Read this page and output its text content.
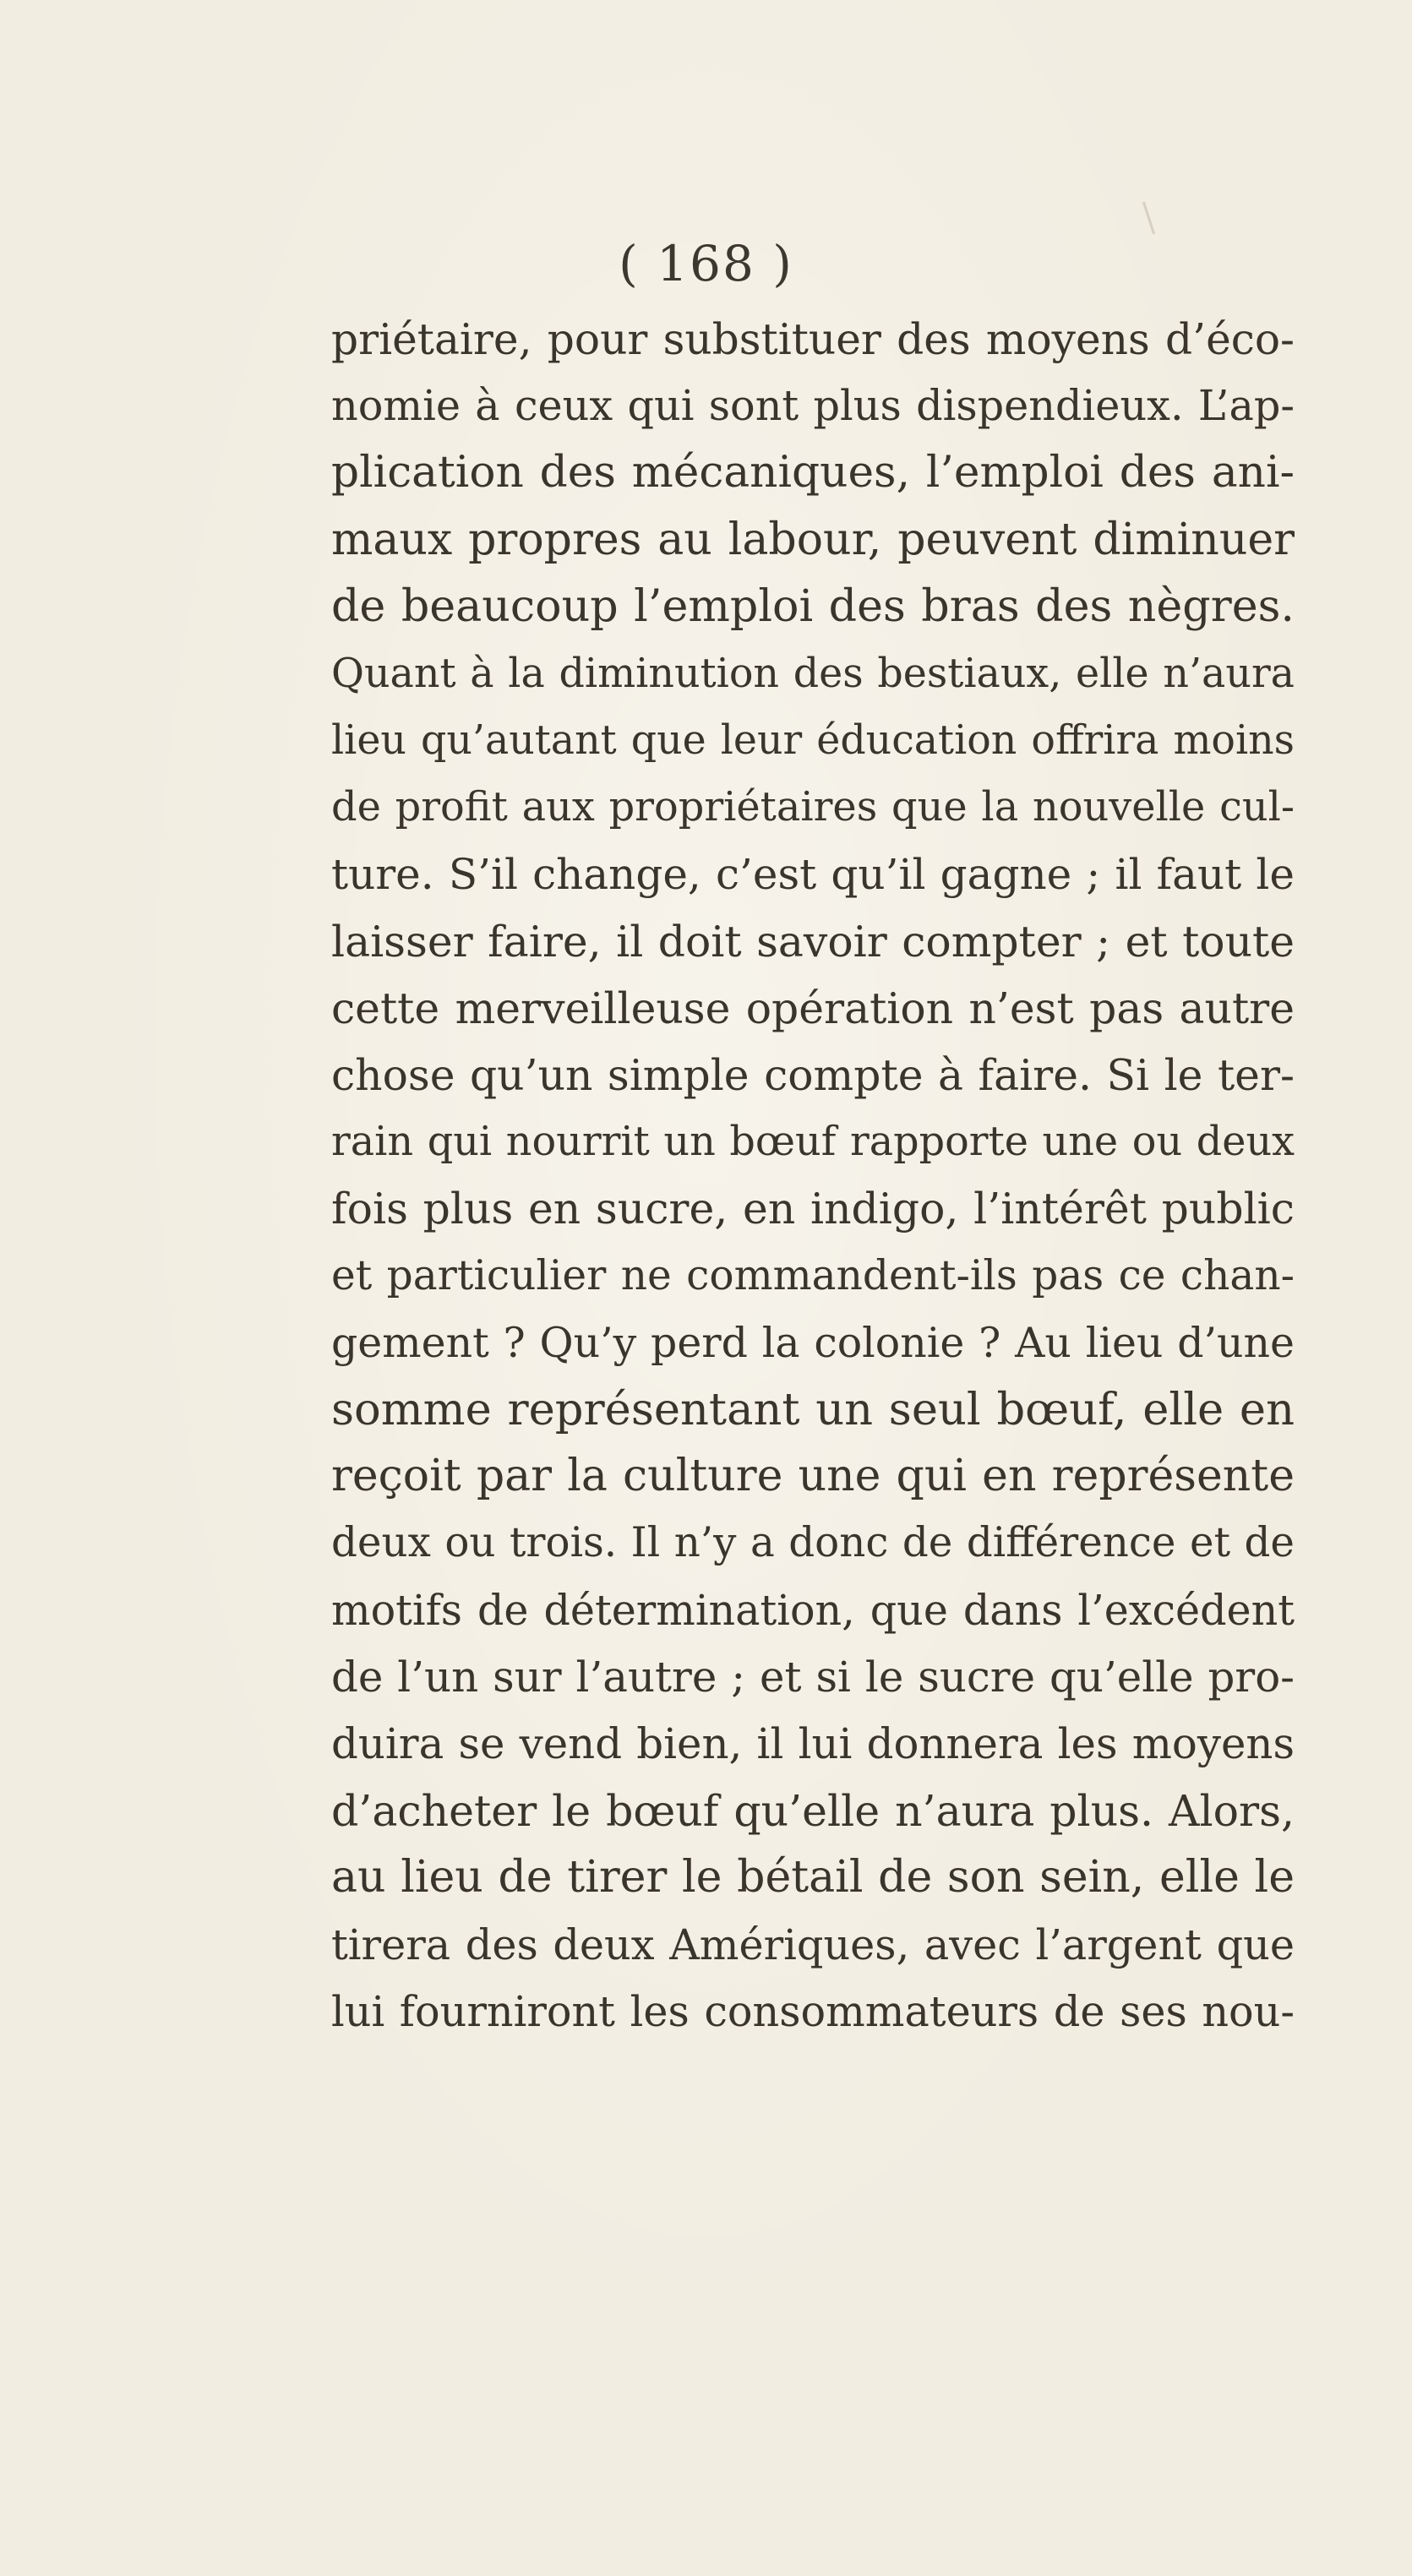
( 168 )
priétaire, pour substituer des moyens d’éco-
nomie à ceux qui sont plus dispendieux. L’ap-
plication des mécaniques, l’emploi des ani-
maux propres au labour, peuvent diminuer
de beaucoup l’emploi des bras des nègres.
Quant à la diminution des bestiaux, elle n’aura
lieu qu’autant que leur éducation offrira moins
de profit aux propriétaires que la nouvelle cul-
ture. S’il change, c’est qu’il gagne ; il faut le
laisser faire, il doit savoir compter ; et toute
cette merveilleuse opération n’est pas autre
chose qu’un simple compte à faire. Si le ter-
rain qui nourrit un bœuf rapporte une ou deux
fois plus en sucre, en indigo, l’intérêt public
et particulier ne commandent-ils pas ce chan-
gement ? Qu’y perd la colonie ? Au lieu d’une
somme représentant un seul bœuf, elle en
reçoit par la culture une qui en représente
deux ou trois. Il n’y a donc de différence et de
motifs de détermination, que dans l’excédent
de l’un sur l’autre ; et si le sucre qu’elle pro-
duira se vend bien, il lui donnera les moyens
d’acheter le bœuf qu’elle n’aura plus. Alors,
au lieu de tirer le bétail de son sein, elle le
tirera des deux Amériques, avec l’argent que
lui fourniront les consommateurs de ses nou-
